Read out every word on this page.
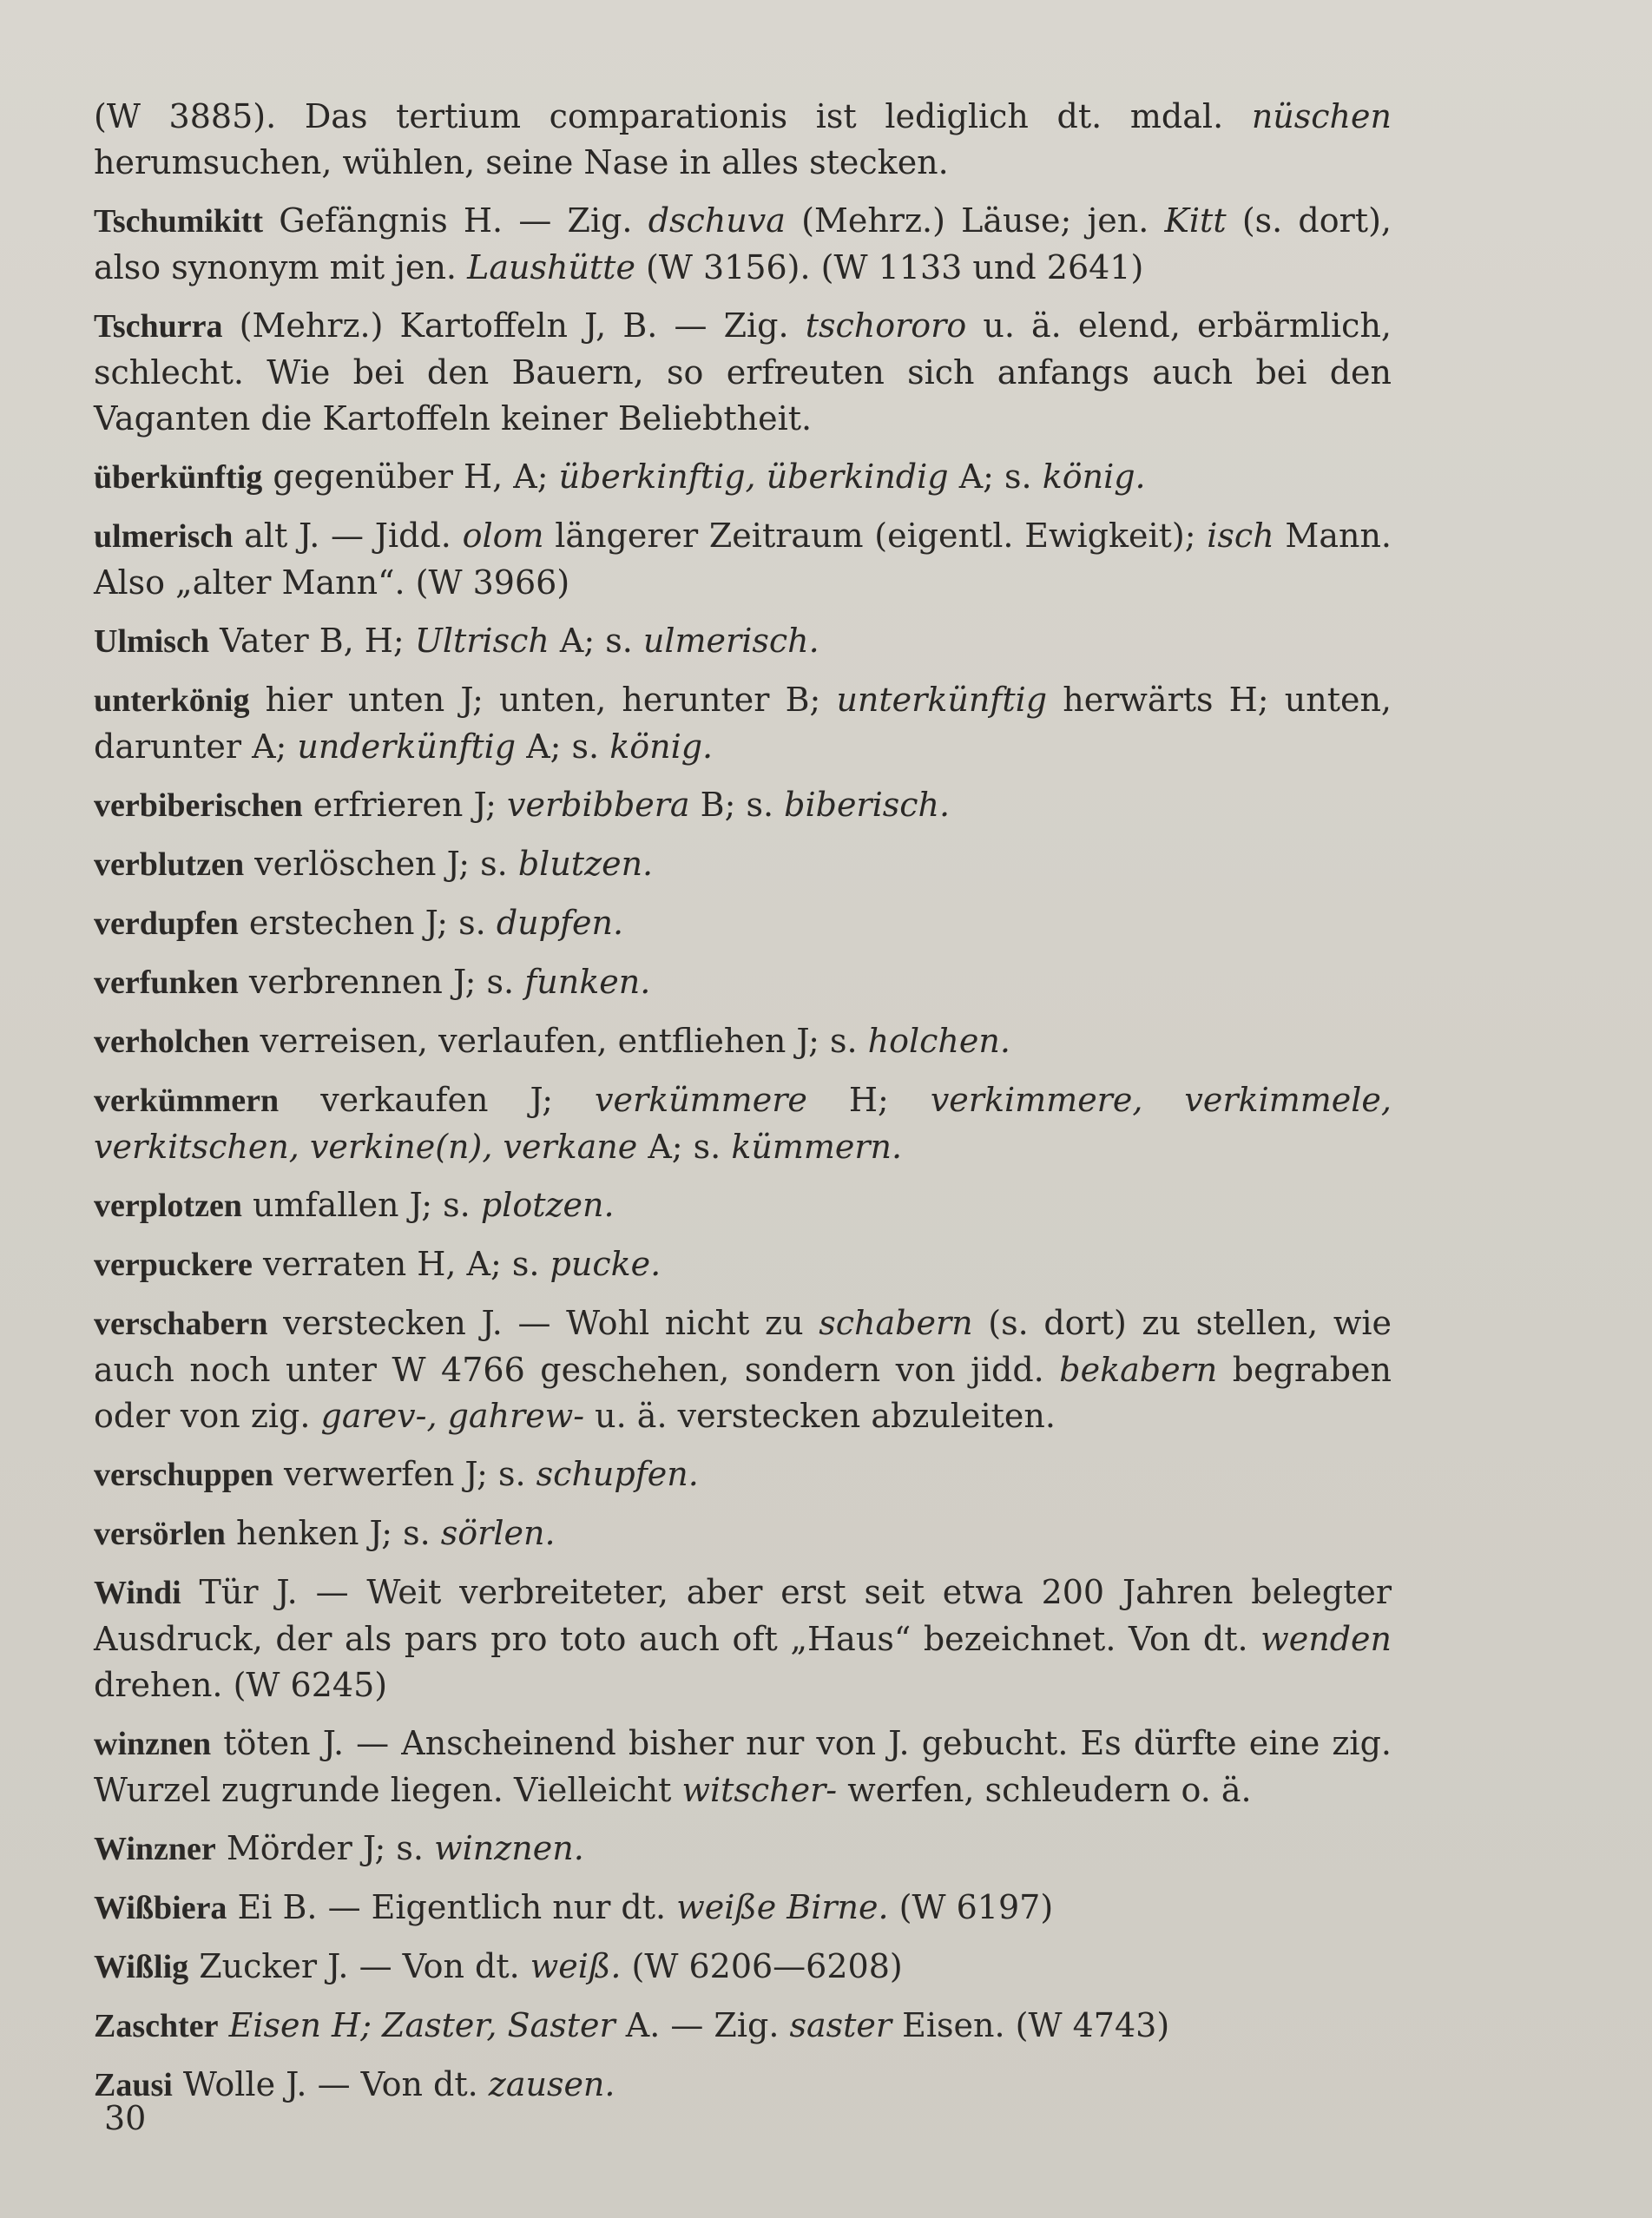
(W 3885). Das tertium comparationis ist lediglich dt. mdal. nüschen herumsuchen, wühlen, seine Nase in alles stecken.

Tschumikitt Gefängnis H. — Zig. dschuva (Mehrz.) Läuse; jen. Kitt (s. dort), also synonym mit jen. Laushütte (W 3156). (W 1133 und 2641)

Tschurra (Mehrz.) Kartoffeln J, B. — Zig. tschororo u. ä. elend, erbärmlich, schlecht. Wie bei den Bauern, so erfreuten sich anfangs auch bei den Vaganten die Kartoffeln keiner Beliebtheit.

überkünftig gegenüber H, A; überkinftig, überkindig A; s. könig.

ulmerisch alt J. — Jidd. olom längerer Zeitraum (eigentl. Ewigkeit); isch Mann. Also „alter Mann“. (W 3966)

Ulmisch Vater B, H; Ultrisch A; s. ulmerisch.

unterkönig hier unten J; unten, herunter B; unterkünftig herwärts H; unten, darunter A; underkünftig A; s. könig.

verbiberischen erfrieren J; verbibbera B; s. biberisch.

verblutzen verlöschen J; s. blutzen.

verdupfen erstechen J; s. dupfen.

verfunken verbrennen J; s. funken.

verholchen verreisen, verlaufen, entfliehen J; s. holchen.

verkümmern verkaufen J; verkümmere H; verkimmere, verkimmele, verkitschen, verkine(n), verkane A; s. kümmern.

verplotzen umfallen J; s. plotzen.

verpuckere verraten H, A; s. pucke.

verschabern verstecken J. — Wohl nicht zu schabern (s. dort) zu stellen, wie auch noch unter W 4766 geschehen, sondern von jidd. bekabern begraben oder von zig. garev-, gahrew- u. ä. verstecken abzuleiten.

verschuppen verwerfen J; s. schupfen.

versörlen henken J; s. sörlen.

Windi Tür J. — Weit verbreiteter, aber erst seit etwa 200 Jahren belegter Ausdruck, der als pars pro toto auch oft „Haus“ bezeichnet. Von dt. wenden drehen. (W 6245)

winznen töten J. — Anscheinend bisher nur von J. gebucht. Es dürfte eine zig. Wurzel zugrunde liegen. Vielleicht witscher- werfen, schleudern o. ä.

Winzner Mörder J; s. winznen.

Wißbiera Ei B. — Eigentlich nur dt. weiße Birne. (W 6197)

Wißlig Zucker J. — Von dt. weiß. (W 6206—6208)

Zaschter Eisen H; Zaster, Saster A. — Zig. saster Eisen. (W 4743)

Zausi Wolle J. — Von dt. zausen.

30
